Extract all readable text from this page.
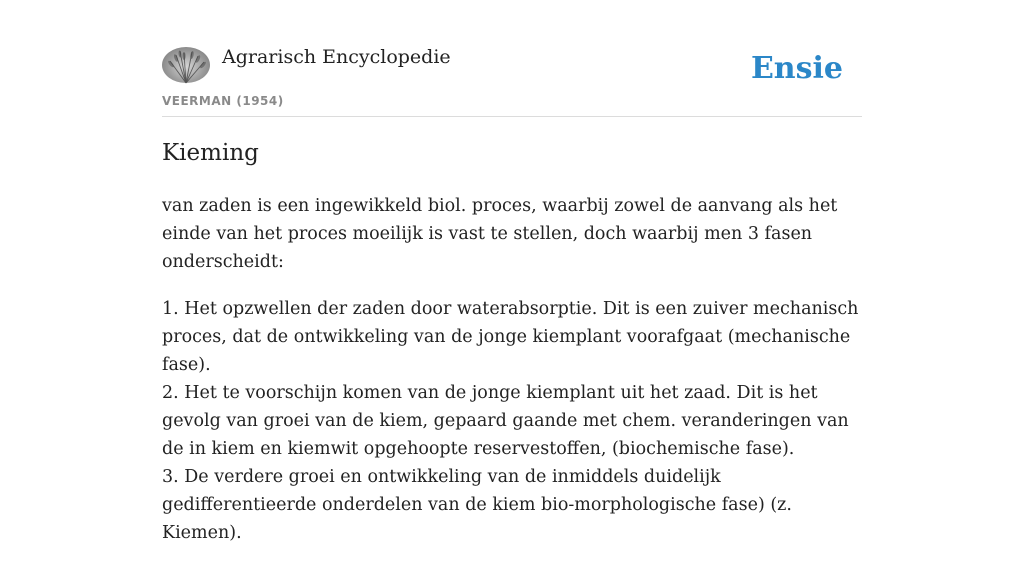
Agrarisch Encyclopedie
VEERMAN (1954)
Ensie
Kieming

van zaden is een ingewikkeld biol. proces, waarbij zowel de aanvang als het einde van het proces moeilijk is vast te stellen, doch waarbij men 3 fasen onderscheidt:

1. Het opzwellen der zaden door waterabsorptie. Dit is een zuiver mechanisch proces, dat de ontwikkeling van de jonge kiemplant voorafgaat (mechanische fase).
2. Het te voorschijn komen van de jonge kiemplant uit het zaad. Dit is het gevolg van groei van de kiem, gepaard gaande met chem. veranderingen van de in kiem en kiemwit opgehoopte reservestoffen, (biochemische fase).
3. De verdere groei en ontwikkeling van de inmiddels duidelijk gedifferentieerde onderdelen van de kiem bio-morphologische fase) (z. Kiemen).
